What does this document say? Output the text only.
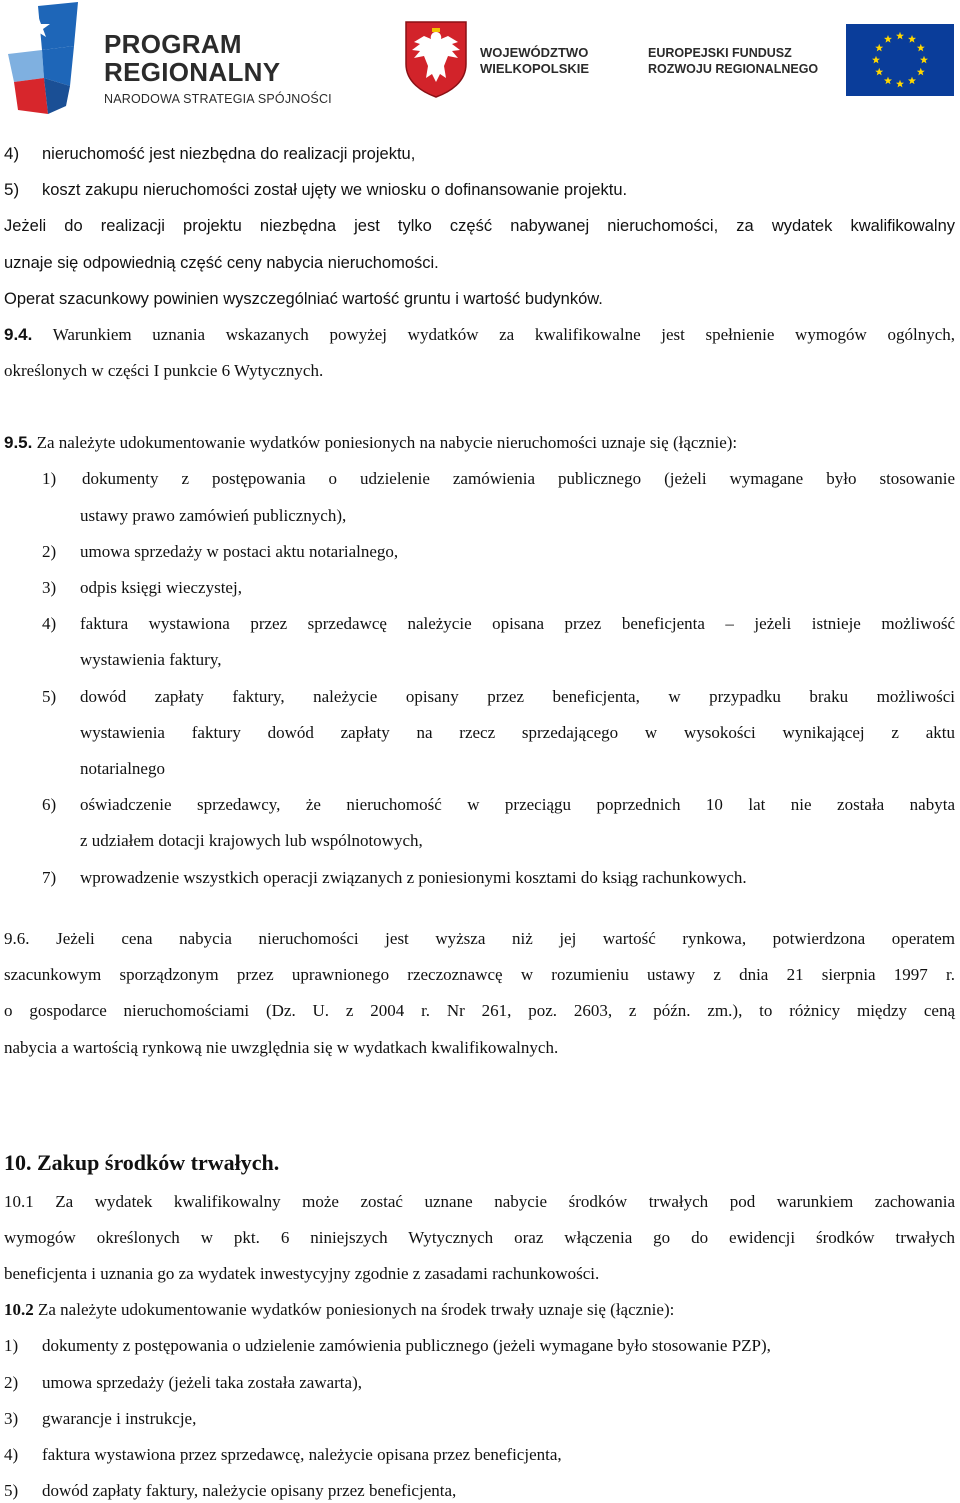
PROGRAM
REGIONALNY
NARODOWA STRATEGIA SPÓJNOŚCI
WOJEWÓDZTWO
WIELKOPOLSKIE
EUROPEJSKI FUNDUSZ
ROZWOJU REGIONALNEGO
4) nieruchomość jest niezbędna do realizacji projektu,
5) koszt zakupu nieruchomości został ujęty we wniosku o dofinansowanie projektu.
Jeżeli do realizacji projektu niezbędna jest tylko część nabywanej nieruchomości, za wydatek kwalifikowalny
uznaje się odpowiednią część ceny nabycia nieruchomości.
Operat szacunkowy powinien wyszczególniać wartość gruntu i wartość budynków.
9.4. Warunkiem uznania wskazanych powyżej wydatków za kwalifikowalne jest spełnienie wymogów ogólnych,
określonych w części I punkcie 6 Wytycznych.
9.5. Za należyte udokumentowanie wydatków poniesionych na nabycie nieruchomości uznaje się (łącznie):
1) dokumenty z postępowania o udzielenie zamówienia publicznego (jeżeli wymagane było stosowanie
ustawy prawo zamówień publicznych),
2) umowa sprzedaży w postaci aktu notarialnego,
3) odpis księgi wieczystej,
4) faktura wystawiona przez sprzedawcę należycie opisana przez beneficjenta – jeżeli istnieje możliwość
wystawienia faktury,
5) dowód zapłaty faktury, należycie opisany przez beneficjenta, w przypadku braku możliwości
wystawienia faktury dowód zapłaty na rzecz sprzedającego w wysokości wynikającej z aktu
notarialnego
6) oświadczenie sprzedawcy, że nieruchomość w przeciągu poprzednich 10 lat nie została nabyta
z udziałem dotacji krajowych lub wspólnotowych,
7) wprowadzenie wszystkich operacji związanych z poniesionymi kosztami do ksiąg rachunkowych.
9.6. Jeżeli cena nabycia nieruchomości jest wyższa niż jej wartość rynkowa, potwierdzona operatem
szacunkowym sporządzonym przez uprawnionego rzeczoznawcę w rozumieniu ustawy z dnia 21 sierpnia 1997 r.
o gospodarce nieruchomościami (Dz. U. z 2004 r. Nr 261, poz. 2603, z późn. zm.), to różnicy między ceną
nabycia a wartością rynkową nie uwzględnia się w wydatkach kwalifikowalnych.
10. Zakup środków trwałych.
10.1 Za wydatek kwalifikowalny może zostać uznane nabycie środków trwałych pod warunkiem zachowania
wymogów określonych w pkt. 6 niniejszych Wytycznych oraz włączenia go do ewidencji środków trwałych
beneficjenta i uznania go za wydatek inwestycyjny zgodnie z zasadami rachunkowości.
10.2 Za należyte udokumentowanie wydatków poniesionych na środek trwały uznaje się (łącznie):
1) dokumenty z postępowania o udzielenie zamówienia publicznego (jeżeli wymagane było stosowanie PZP),
2) umowa sprzedaży (jeżeli taka została zawarta),
3) gwarancje i instrukcje,
4) faktura wystawiona przez sprzedawcę, należycie opisana przez beneficjenta,
5) dowód zapłaty faktury, należycie opisany przez beneficjenta,
